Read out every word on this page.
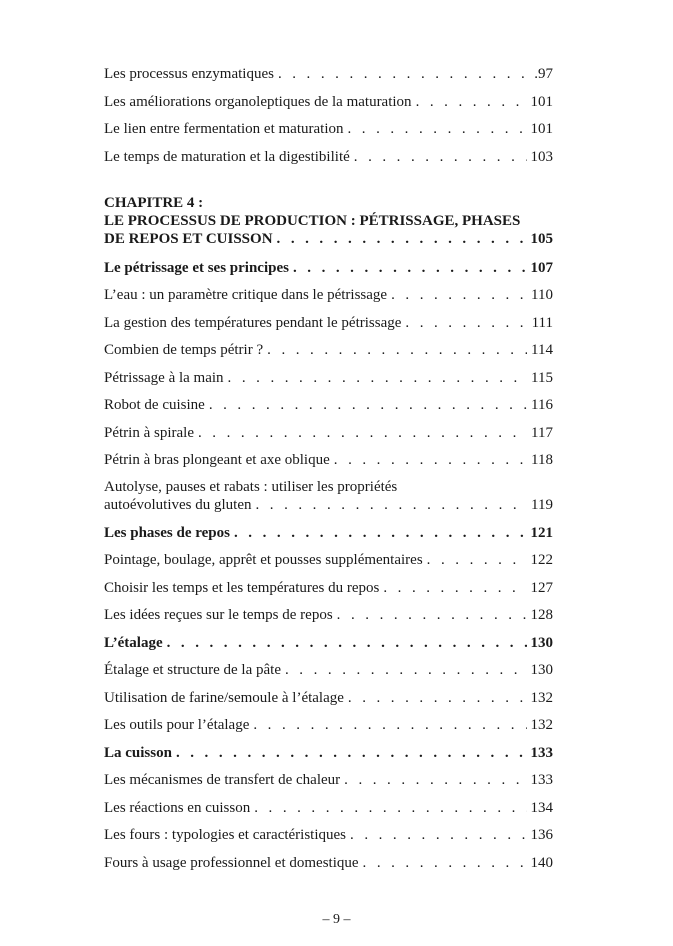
Les processus enzymatiques . . .	.97
Les améliorations organoleptiques de la maturation . . .	101
Le lien entre fermentation et maturation . . .	101
Le temps de maturation et la digestibilité . . .	103
CHAPITRE 4 :
LE PROCESSUS DE PRODUCTION : PÉTRISSAGE, PHASES
DE REPOS ET CUISSON . . .	105
Le pétrissage et ses principes . . .	107
L’eau : un paramètre critique dans le pétrissage . . .	110
La gestion des températures pendant le pétrissage . . .	111
Combien de temps pétrir ? . . .	114
Pétrissage à la main . . .	115
Robot de cuisine . . .	116
Pétrin à spirale . . .	117
Pétrin à bras plongeant et axe oblique . . .	118
Autolyse, pauses et rabats : utiliser les propriétés
autoévolutives du gluten . . .	119
Les phases de repos . . .	121
Pointage, boulage, apprêt et pousses supplémentaires . . .	122
Choisir les temps et les températures du repos . . .	127
Les idées reçues sur le temps de repos . . .	128
L’étalage . . .	130
Étalage et structure de la pâte . . .	130
Utilisation de farine/semoule à l’étalage . . .	132
Les outils pour l’étalage . . .	132
La cuisson . . .	133
Les mécanismes de transfert de chaleur . . .	133
Les réactions en cuisson . . .	134
Les fours : typologies et caractéristiques . . .	136
Fours à usage professionnel et domestique . . .	140
– 9 –
